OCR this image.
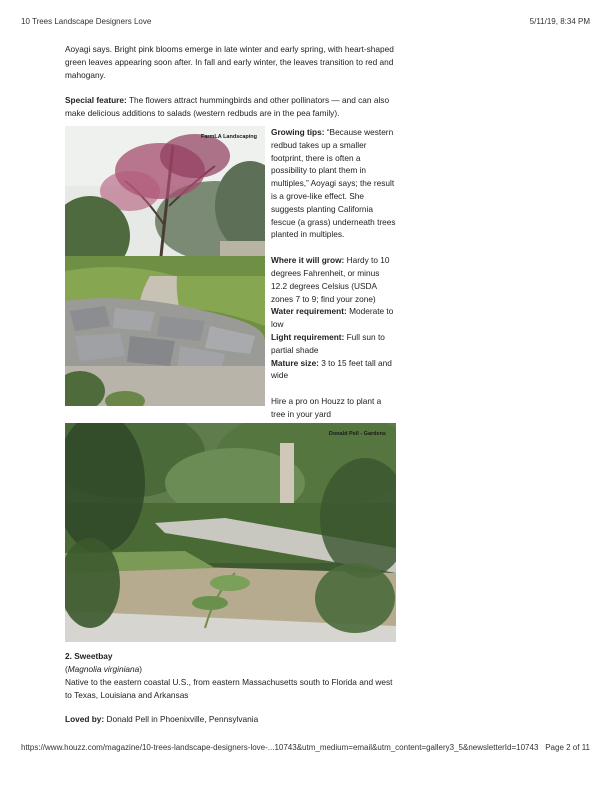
10 Trees Landscape Designers Love	5/11/19, 8:34 PM

Aoyagi says. Bright pink blooms emerge in late winter and early spring, with heart-shaped green leaves appearing soon after. In fall and early winter, the leaves transition to red and mahogany.

Special feature: The flowers attract hummingbirds and other pollinators — and can also make delicious additions to salads (western redbuds are in the pea family).

FarmLA Landscaping Growing tips: “Because western redbud takes up a smaller footprint, there is often a possibility to plant them in multiples,” Aoyagi says; the result is a grove-like effect. She suggests planting California fescue (a grass) underneath trees planted in multiples.

Where it will grow: Hardy to 10 degrees Fahrenheit, or minus 12.2 degrees Celsius (USDA zones 7 to 9; find your zone)

Water requirement: Moderate to low

Light requirement: Full sun to partial shade

Mature size: 3 to 15 feet tall and wide

Hire a pro on Houzz to plant a tree in your yard

Donald Pell - Gardens

2. Sweetbay

(Magnolia virginiana)

Native to the eastern coastal U.S., from eastern Massachusetts south to Florida and west to Texas, Louisiana and Arkansas

Loved by: Donald Pell in Phoenixville, Pennsylvania

https://www.houzz.com/magazine/10-trees-landscape-designers-love-...10743&utm_medium=email&utm_content=gallery3_5&newsletterId=10743 Page 2 of 11
